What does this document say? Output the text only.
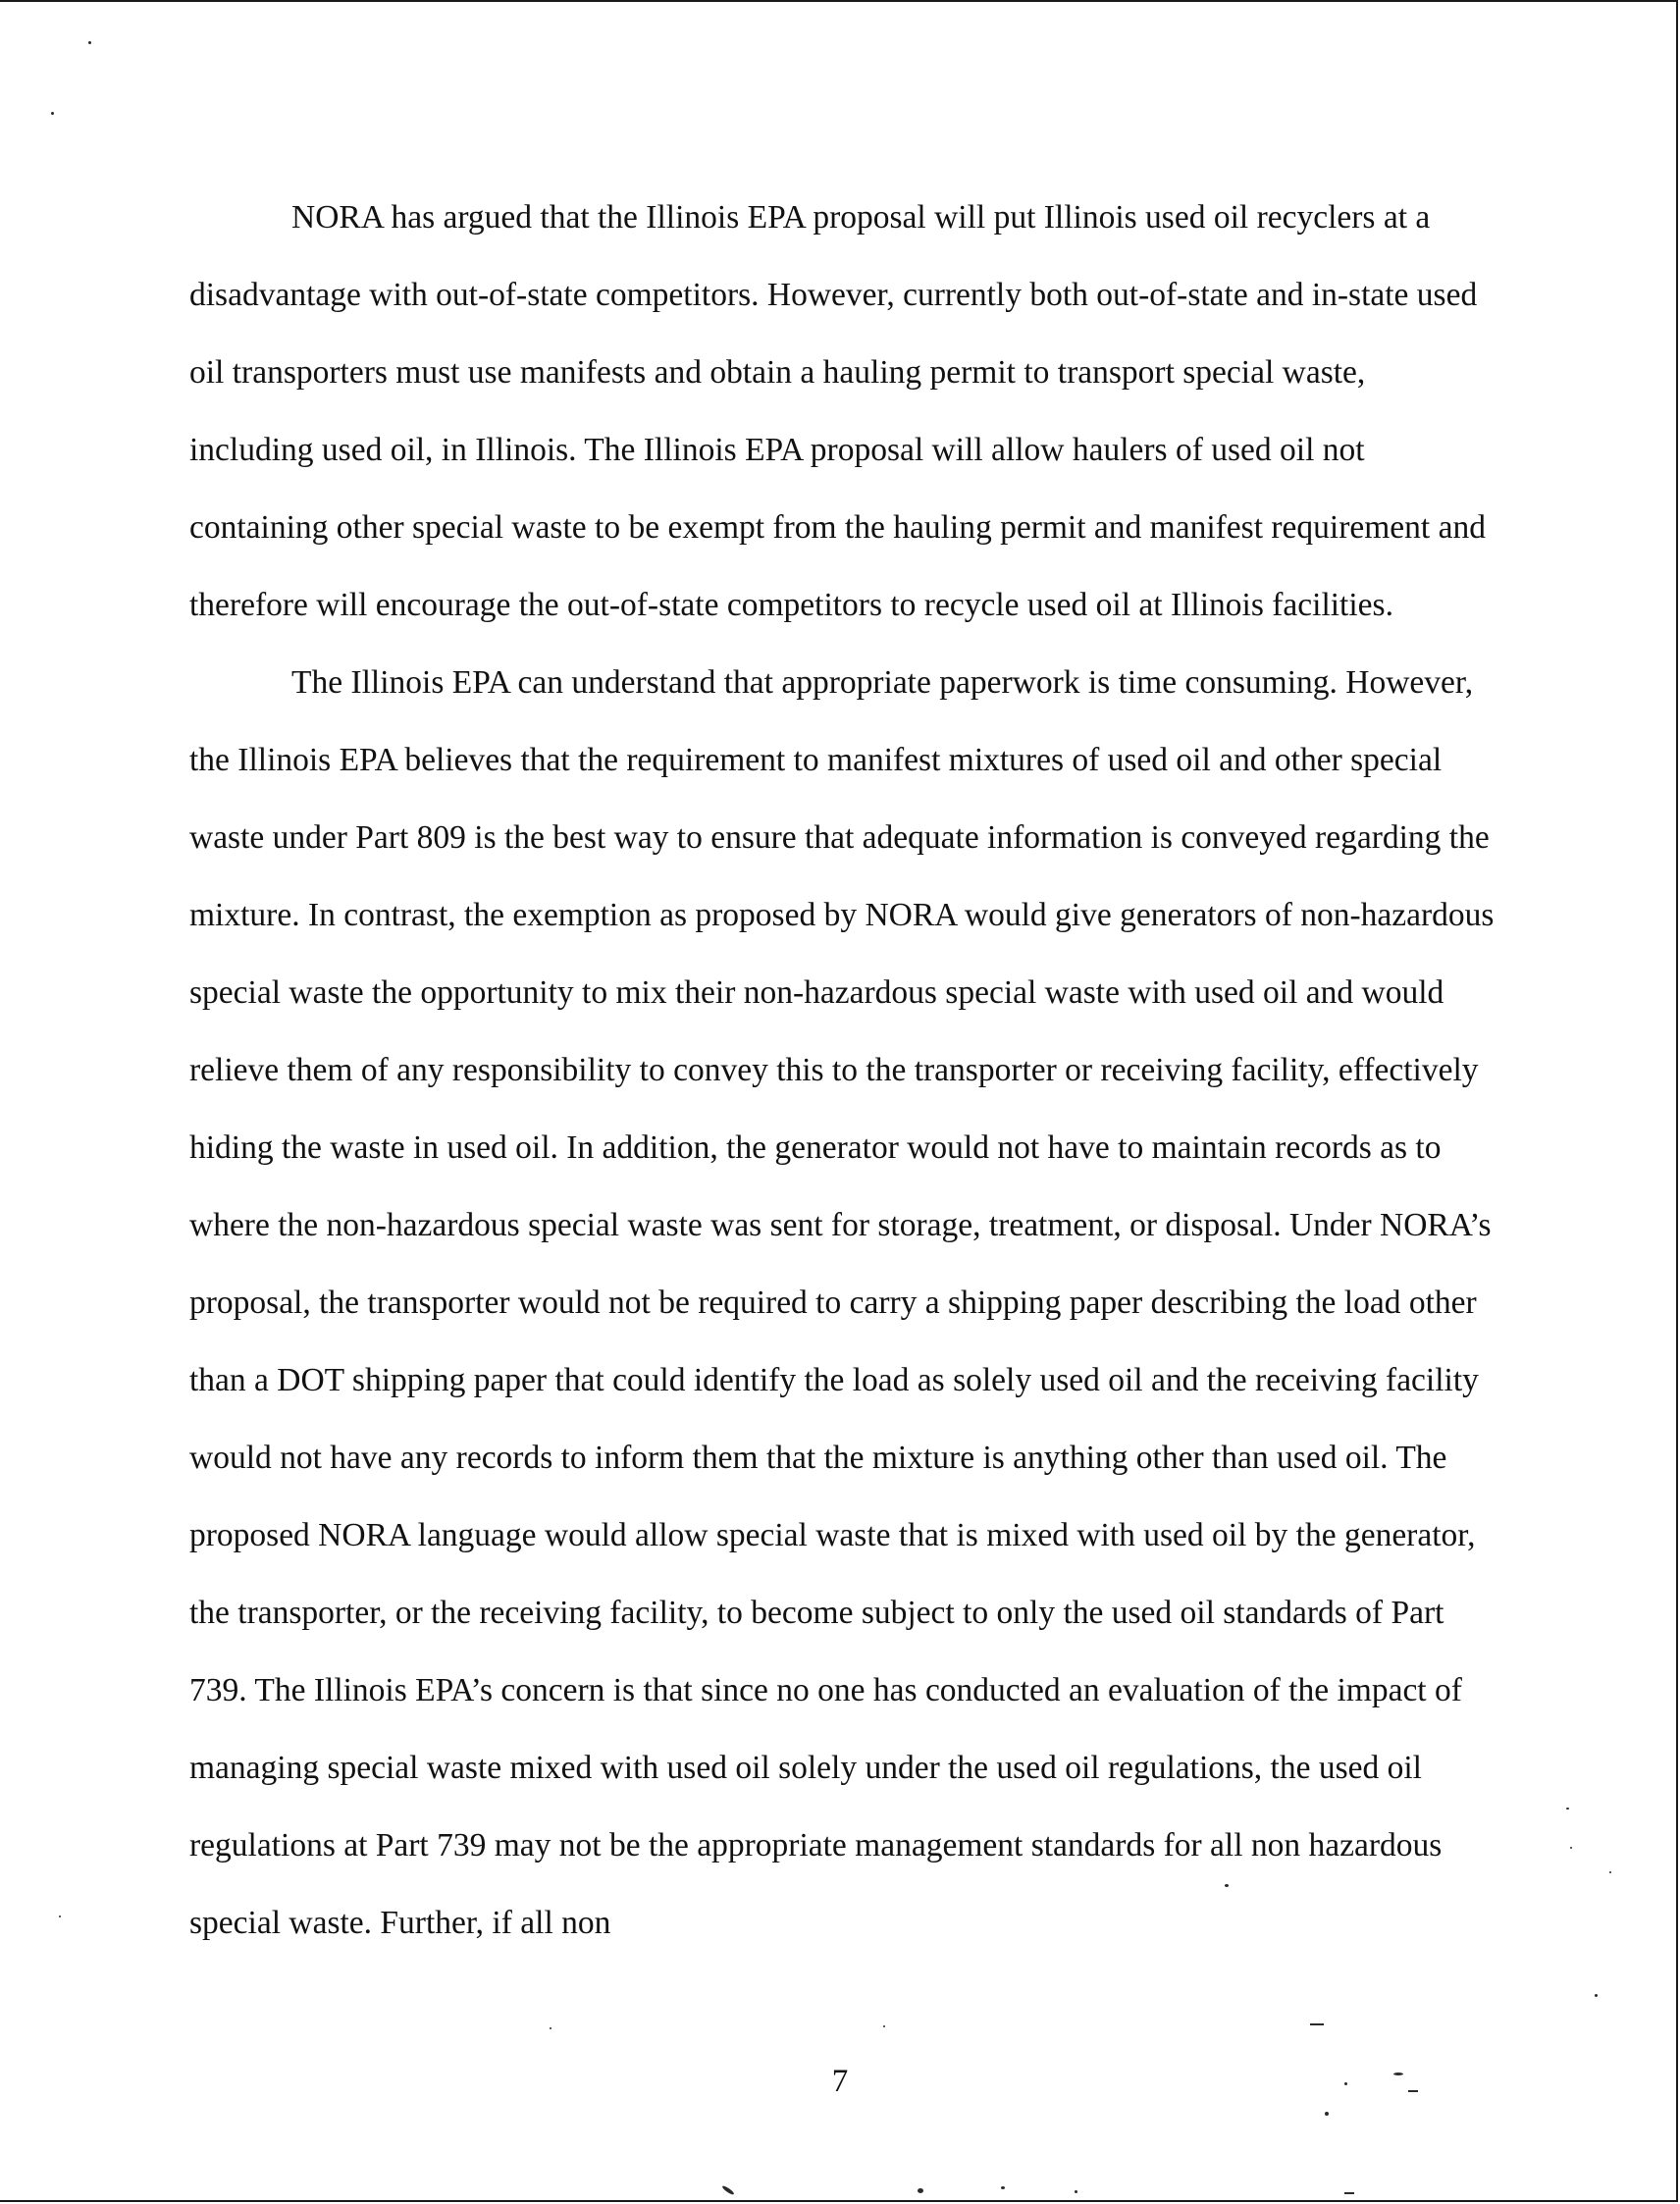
NORA has argued that the Illinois EPA proposal will put Illinois used oil recyclers at a disadvantage with out-of-state competitors. However, currently both out-of-state and in-state used oil transporters must use manifests and obtain a hauling permit to transport special waste, including used oil, in Illinois. The Illinois EPA proposal will allow haulers of used oil not containing other special waste to be exempt from the hauling permit and manifest requirement and therefore will encourage the out-of-state competitors to recycle used oil at Illinois facilities.

The Illinois EPA can understand that appropriate paperwork is time consuming. However, the Illinois EPA believes that the requirement to manifest mixtures of used oil and other special waste under Part 809 is the best way to ensure that adequate information is conveyed regarding the mixture. In contrast, the exemption as proposed by NORA would give generators of non-hazardous special waste the opportunity to mix their non-hazardous special waste with used oil and would relieve them of any responsibility to convey this to the transporter or receiving facility, effectively hiding the waste in used oil. In addition, the generator would not have to maintain records as to where the non-hazardous special waste was sent for storage, treatment, or disposal. Under NORA’s proposal, the transporter would not be required to carry a shipping paper describing the load other than a DOT shipping paper that could identify the load as solely used oil and the receiving facility would not have any records to inform them that the mixture is anything other than used oil. The proposed NORA language would allow special waste that is mixed with used oil by the generator, the transporter, or the receiving facility, to become subject to only the used oil standards of Part 739. The Illinois EPA’s concern is that since no one has conducted an evaluation of the impact of managing special waste mixed with used oil solely under the used oil regulations, the used oil regulations at Part 739 may not be the appropriate management standards for all non hazardous special waste. Further, if all non

7
